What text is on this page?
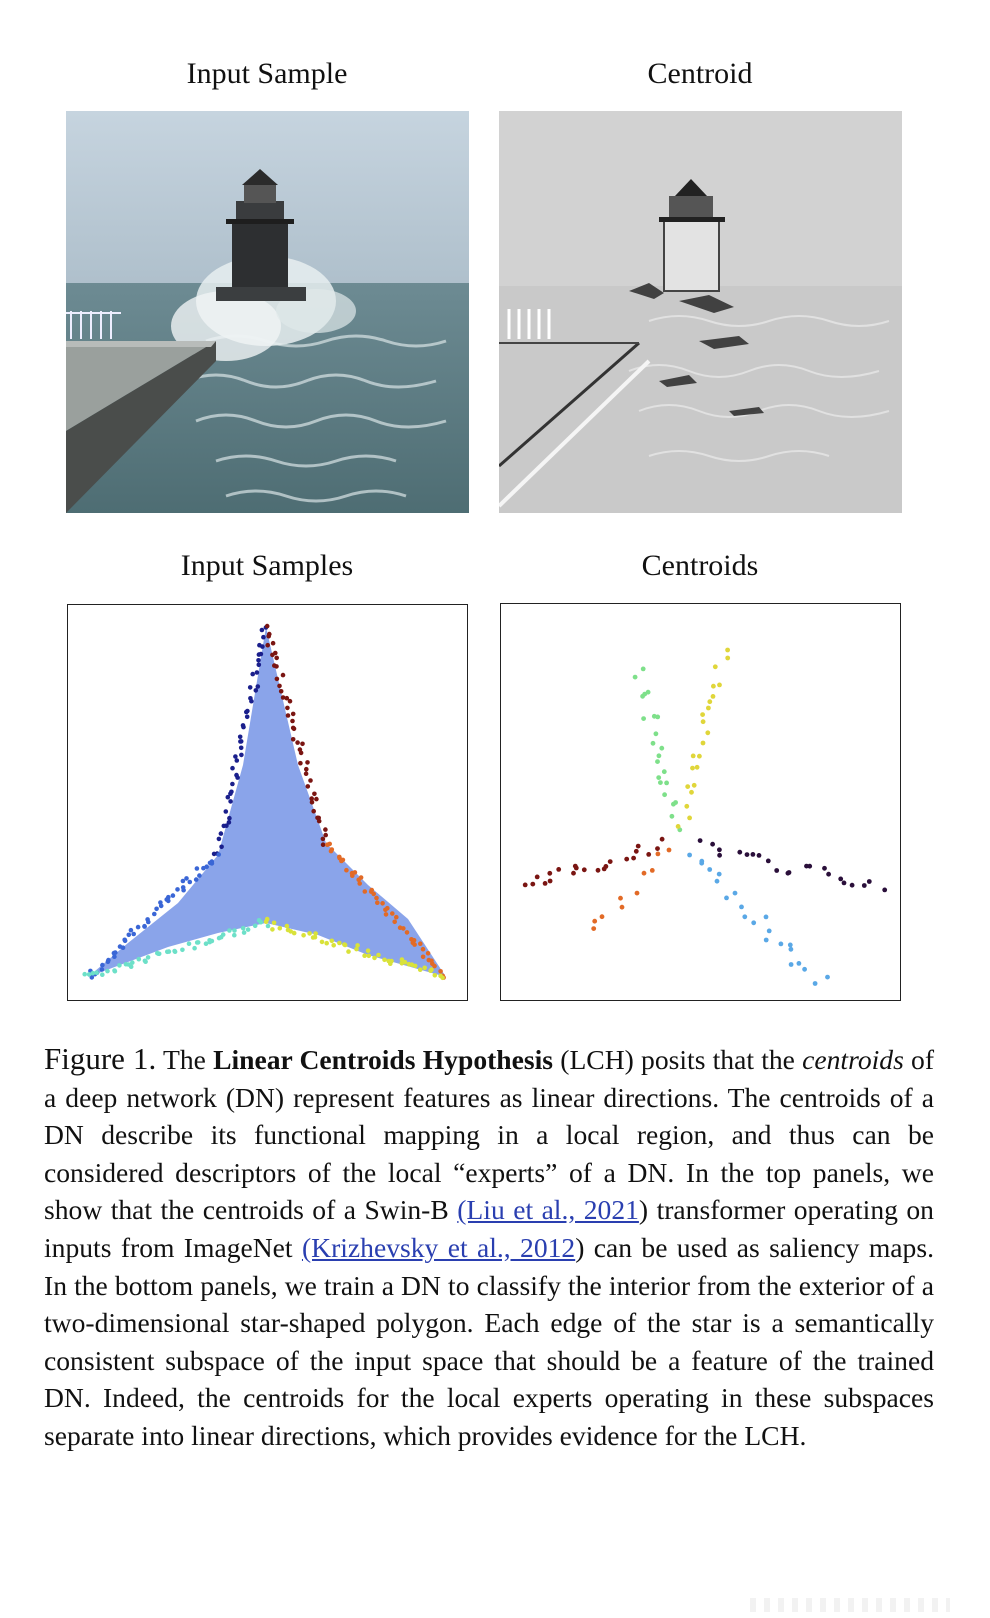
Input Sample	Centroid
Input Samples	Centroids
Figure 1. The Linear Centroids Hypothesis (LCH) posits that the centroids of a deep network (DN) represent features as linear directions. The centroids of a DN describe its functional mapping in a local region, and thus can be considered descriptors of the local “experts” of a DN. In the top panels, we show that the centroids of a Swin-B (Liu et al., 2021) transformer operating on inputs from ImageNet (Krizhevsky et al., 2012) can be used as saliency maps. In the bottom panels, we train a DN to classify the interior from the exterior of a two-dimensional star-shaped polygon. Each edge of the star is a semantically consistent subspace of the input space that should be a feature of the trained DN. Indeed, the centroids for the local experts operating in these subspaces separate into linear directions, which provides evidence for the LCH.
